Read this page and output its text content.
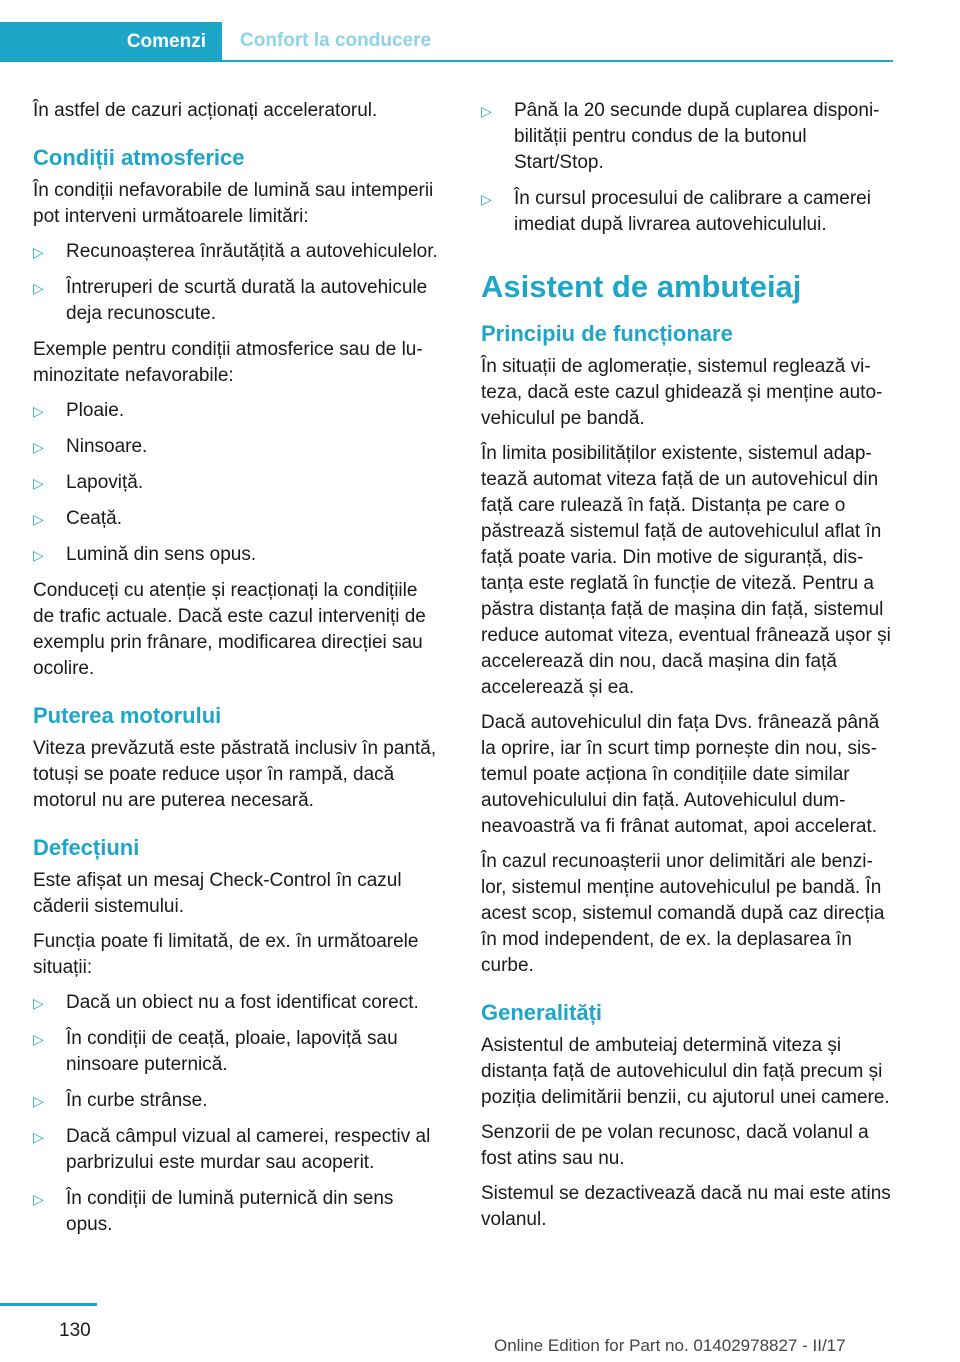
Comenzi	Confort la conducere

În astfel de cazuri acționați acceleratorul.

Condiții atmosferice

În condiții nefavorabile de lumină sau intemperii pot interveni următoarele limitări:

▷ Recunoașterea înrăutățită a autovehiculelor.
▷ Întreruperi de scurtă durată la autovehicule deja recunoscute.

Exemple pentru condiții atmosferice sau de luminozitate nefavorabile:

▷ Ploaie.
▷ Ninsoare.
▷ Lapoviță.
▷ Ceață.
▷ Lumină din sens opus.

Conduceți cu atenție și reacționați la condițiile de trafic actuale. Dacă este cazul interveniți de exemplu prin frânare, modificarea direcției sau ocolire.

Puterea motorului

Viteza prevăzută este păstrată inclusiv în pantă, totuși se poate reduce ușor în rampă, dacă motorul nu are puterea necesară.

Defecțiuni

Este afișat un mesaj Check-Control în cazul căderii sistemului.

Funcția poate fi limitată, de ex. în următoarele situații:

▷ Dacă un obiect nu a fost identificat corect.
▷ În condiții de ceață, ploaie, lapoviță sau ninsoare puternică.
▷ În curbe strânse.
▷ Dacă câmpul vizual al camerei, respectiv al parbrizului este murdar sau acoperit.
▷ În condiții de lumină puternică din sens opus.
▷ Până la 20 secunde după cuplarea disponibilității pentru condus de la butonul Start/Stop.
▷ În cursul procesului de calibrare a camerei imediat după livrarea autovehiculului.
Asistent de ambuteiaj
Principiu de funcționare

În situații de aglomerație, sistemul reglează viteza, dacă este cazul ghidează și menține autovehiculul pe bandă.

În limita posibilităților existente, sistemul adaptează automat viteza față de un autovehicul din față care rulează în față. Distanța pe care o păstrează sistemul față de autovehiculul aflat în față poate varia. Din motive de siguranță, distanța este reglată în funcție de viteză. Pentru a păstra distanța față de mașina din față, sistemul reduce automat viteza, eventual frânează ușor și accelerează din nou, dacă mașina din față accelerează și ea.

Dacă autovehiculul din fața Dvs. frânează până la oprire, iar în scurt timp pornește din nou, sistemul poate acționa în condițiile date similar autovehiculului din față. Autovehiculul dumneavoastră va fi frânat automat, apoi accelerat.

În cazul recunoașterii unor delimitări ale benzilor, sistemul menține autovehiculul pe bandă. În acest scop, sistemul comandă după caz direcția în mod independent, de ex. la deplasarea în curbe.

Generalități

Asistentul de ambuteiaj determină viteza și distanța față de autovehiculul din față precum și poziția delimitării benzii, cu ajutorul unei camere.

Senzorii de pe volan recunosc, dacă volanul a fost atins sau nu.

Sistemul se dezactivează dacă nu mai este atins volanul.

130
Online Edition for Part no. 01402978827 - II/17
